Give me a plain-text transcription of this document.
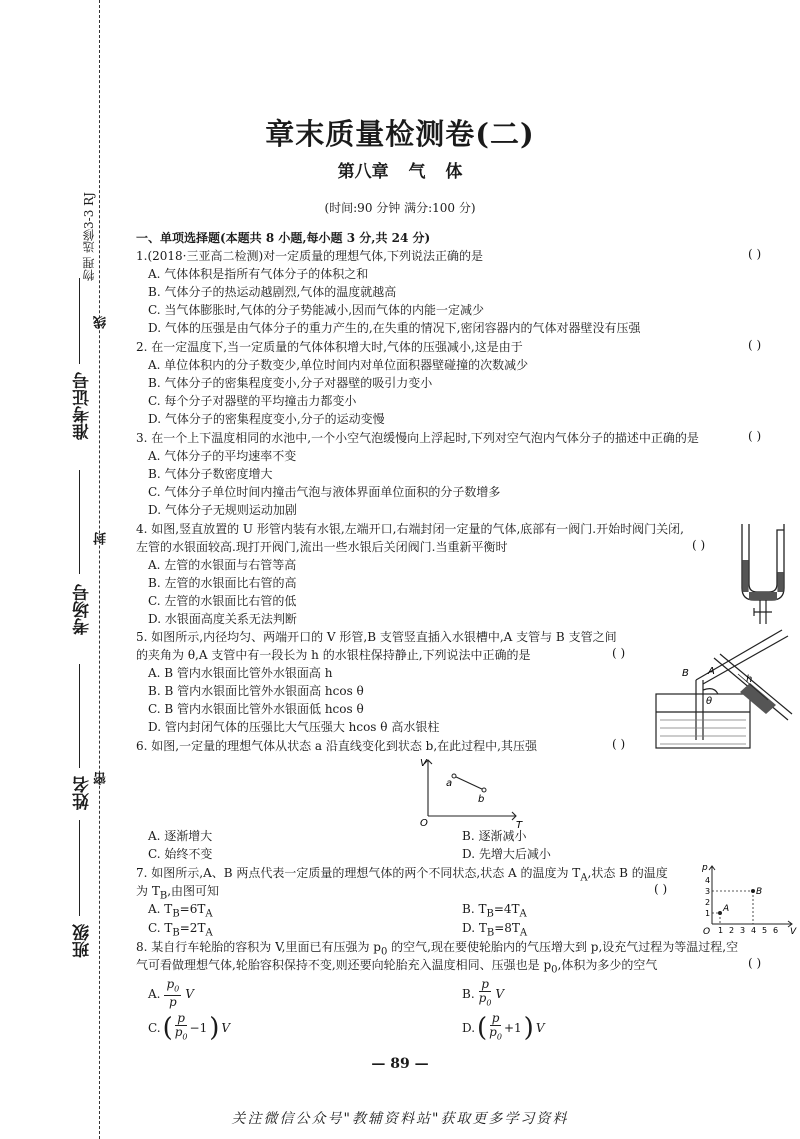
物理 选修3-3 RJ
线
封
密
准考证号
考场号
姓名
班级
章末质量检测卷(二)
第八章 气 体
(时间:90 分钟 满分:100 分)
一、单项选择题(本题共 8 小题,每小题 3 分,共 24 分)
1.(2018·三亚高二检测)对一定质量的理想气体,下列说法正确的是	( )
A. 气体体积是指所有气体分子的体积之和
B. 气体分子的热运动越剧烈,气体的温度就越高
C. 当气体膨胀时,气体的分子势能减小,因而气体的内能一定减少
D. 气体的压强是由气体分子的重力产生的,在失重的情况下,密闭容器内的气体对器壁没有压强
2. 在一定温度下,当一定质量的气体体积增大时,气体的压强减小,这是由于	( )
A. 单位体积内的分子数变少,单位时间内对单位面积器壁碰撞的次数减少
B. 气体分子的密集程度变小,分子对器壁的吸引力变小
C. 每个分子对器壁的平均撞击力都变小
D. 气体分子的密集程度变小,分子的运动变慢
3. 在一个上下温度相同的水池中,一个小空气泡缓慢向上浮起时,下列对空气泡内气体分子的描述中正确的是	( )
A. 气体分子的平均速率不变
B. 气体分子数密度增大
C. 气体分子单位时间内撞击气泡与液体界面单位面积的分子数增多
D. 气体分子无规则运动加剧
4. 如图,竖直放置的 U 形管内装有水银,左端开口,右端封闭一定量的气体,底部有一阀门.开始时阀门关闭,
左管的水银面较高.现打开阀门,流出一些水银后关闭阀门.当重新平衡时	( )
A. 左管的水银面与右管等高
B. 左管的水银面比右管的高
C. 左管的水银面比右管的低
D. 水银面高度关系无法判断
5. 如图所示,内径均匀、两端开口的 V 形管,B 支管竖直插入水银槽中,A 支管与 B 支管之间
的夹角为 θ,A 支管中有一段长为 h 的水银柱保持静止,下列说法中正确的是	( )
A. B 管内水银面比管外水银面高 h
B. B 管内水银面比管外水银面高 hcos θ
C. B 管内水银面比管外水银面低 hcos θ
D. 管内封闭气体的压强比大气压强大 hcos θ 高水银柱
h
A
B
θ
6. 如图,一定量的理想气体从状态 a 沿直线变化到状态 b,在此过程中,其压强	( )
V
T
O
a
b
A. 逐渐增大	B. 逐渐减小
C. 始终不变	D. 先增大后减小
7. 如图所示,A、B 两点代表一定质量的理想气体的两个不同状态,状态 A 的温度为 $T_A$,状态 B 的温度
为 $T_B$,由图可知	( )
A. $T_B=6T_A$	B. $T_B=4T_A$
C. $T_B=2T_A$	D. $T_B=8T_A$
p
V
O
A
B
1
2
3
4
1 2 3 4 5 6
8. 某自行车轮胎的容积为 V,里面已有压强为 $p_0$ 的空气,现在要使轮胎内的气压增大到 p,设充气过程为等温过程,空
气可看做理想气体,轮胎容积保持不变,则还要向轮胎充入温度相同、压强也是 $p_0$,体积为多少的空气	( )
A.
$p_0$
p
V	B.
p
$p_0$
V
C. ( p
$p_0$
−1 ) V	D. ( p
$p_0$
+1 ) V
— 89 —
关注微信公众号"教辅资料站"获取更多学习资料
